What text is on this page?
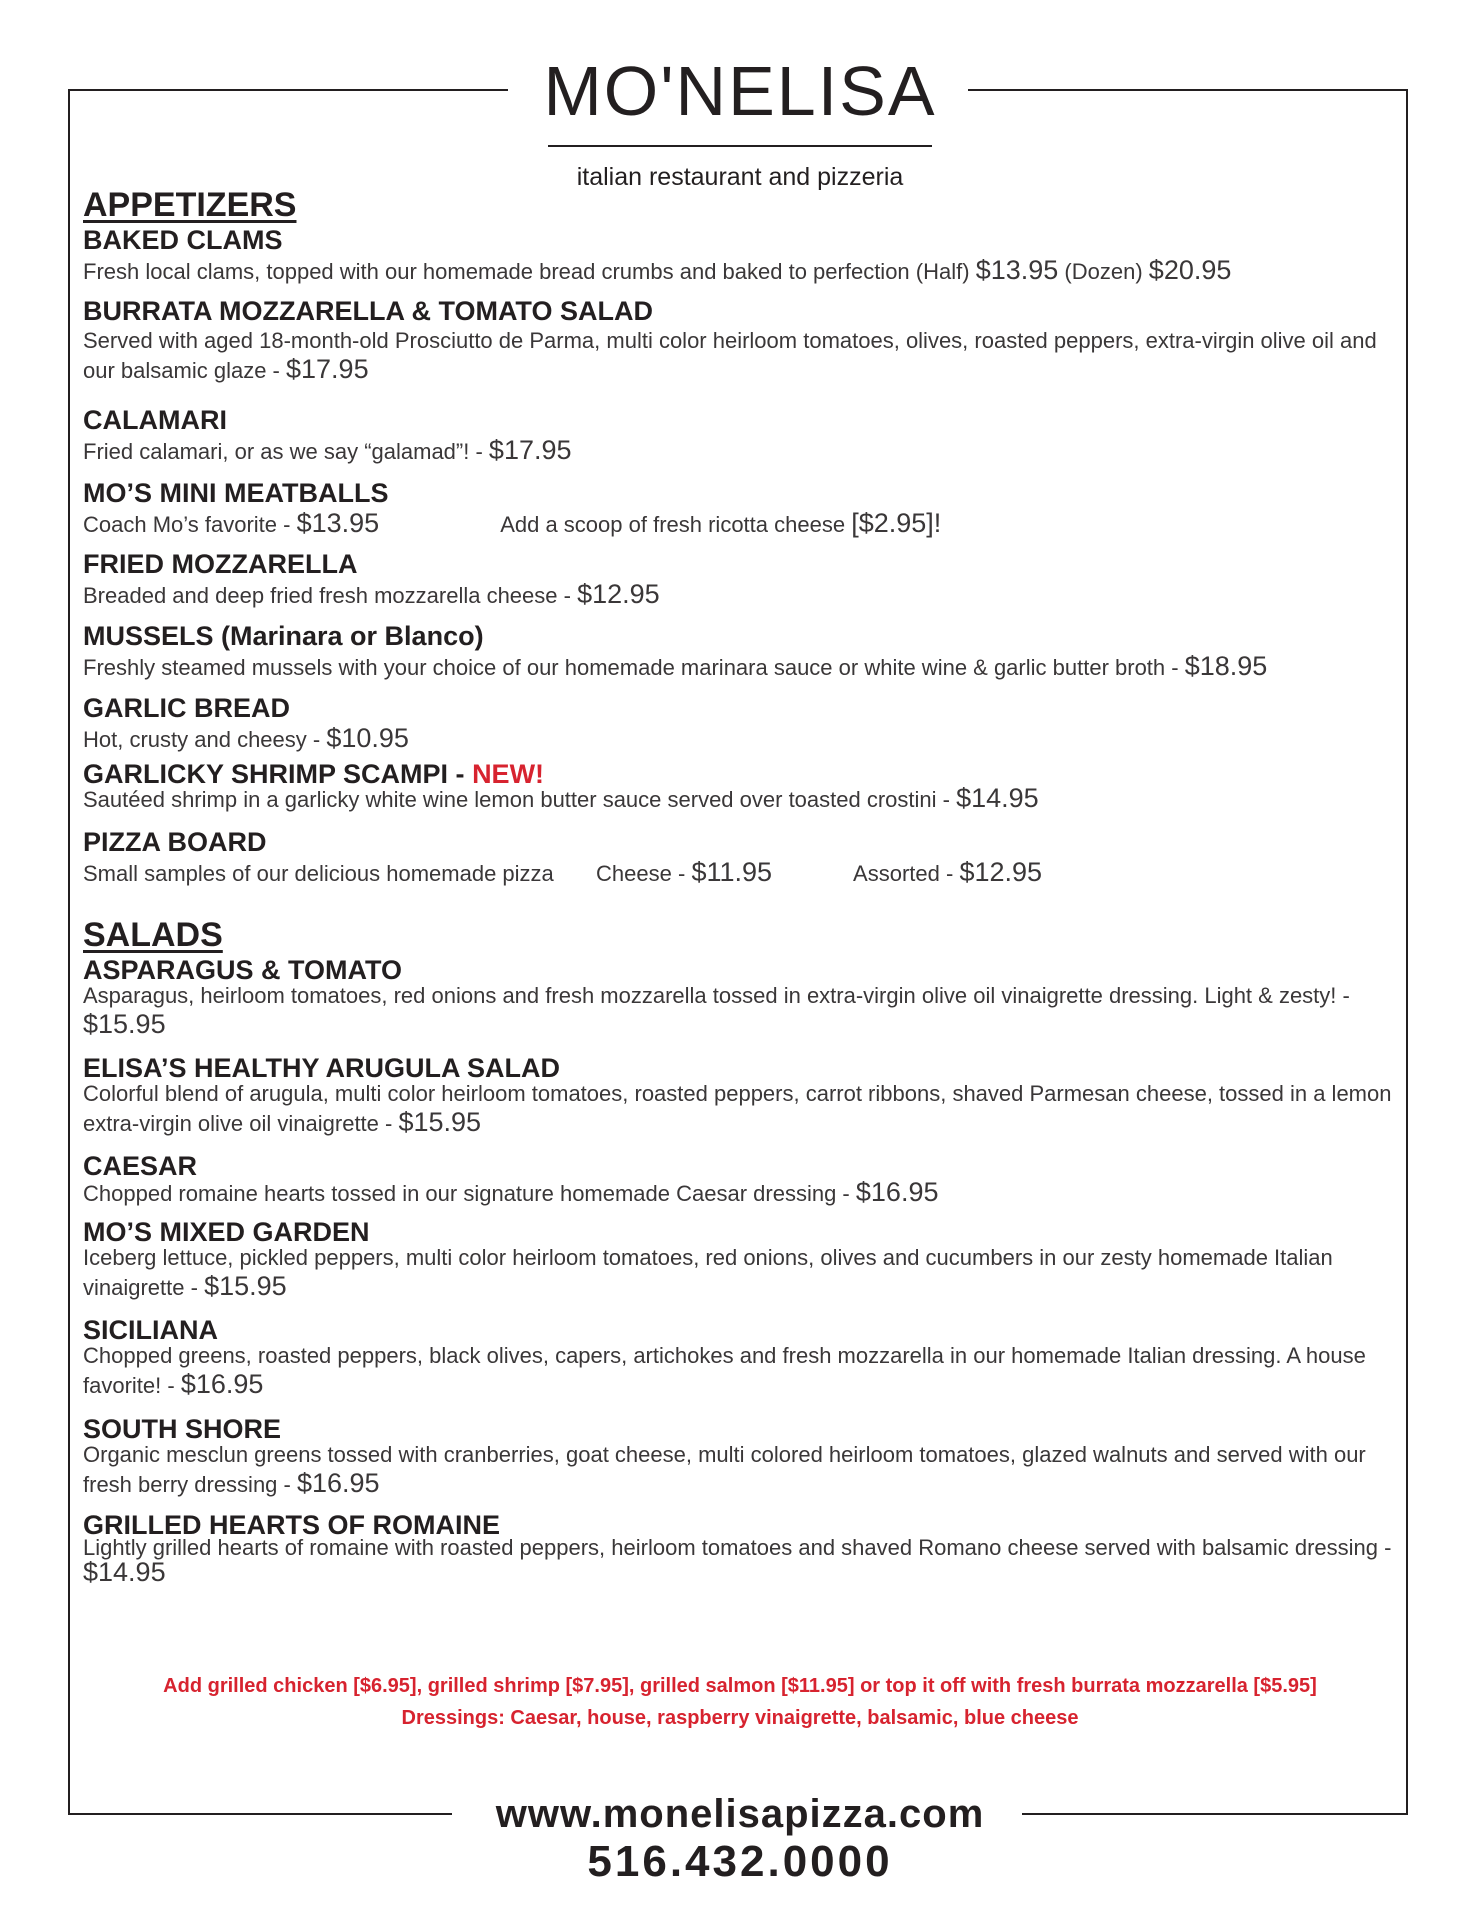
MO'NELISA
italian restaurant and pizzeria
APPETIZERS
BAKED CLAMS
Fresh local clams, topped with our homemade bread crumbs and baked to perfection (Half) $13.95 (Dozen) $20.95
BURRATA MOZZARELLA & TOMATO SALAD
Served with aged 18-month-old Prosciutto de Parma, multi color heirloom tomatoes, olives, roasted peppers, extra-virgin olive oil and our balsamic glaze - $17.95
CALAMARI
Fried calamari, or as we say “galamad”! - $17.95
MO’S MINI MEATBALLS
Coach Mo’s favorite - $13.95	Add a scoop of fresh ricotta cheese [$2.95]!
FRIED MOZZARELLA
Breaded and deep fried fresh mozzarella cheese - $12.95
MUSSELS (Marinara or Blanco)
Freshly steamed mussels with your choice of our homemade marinara sauce or white wine & garlic butter broth - $18.95
GARLIC BREAD
Hot, crusty and cheesy - $10.95
GARLICKY SHRIMP SCAMPI - NEW!
Sautéed shrimp in a garlicky white wine lemon butter sauce served over toasted crostini - $14.95
PIZZA BOARD
Small samples of our delicious homemade pizza Cheese - $11.95	Assorted - $12.95
SALADS
ASPARAGUS & TOMATO
Asparagus, heirloom tomatoes, red onions and fresh mozzarella tossed in extra-virgin olive oil vinaigrette dressing. Light & zesty! - $15.95
ELISA’S HEALTHY ARUGULA SALAD
Colorful blend of arugula, multi color heirloom tomatoes, roasted peppers, carrot ribbons, shaved Parmesan cheese, tossed in a lemon extra-virgin olive oil vinaigrette - $15.95
CAESAR
Chopped romaine hearts tossed in our signature homemade Caesar dressing - $16.95
MO’S MIXED GARDEN
Iceberg lettuce, pickled peppers, multi color heirloom tomatoes, red onions, olives and cucumbers in our zesty homemade Italian vinaigrette - $15.95
SICILIANA
Chopped greens, roasted peppers, black olives, capers, artichokes and fresh mozzarella in our homemade Italian dressing. A house favorite! - $16.95
SOUTH SHORE
Organic mesclun greens tossed with cranberries, goat cheese, multi colored heirloom tomatoes, glazed walnuts and served with our fresh berry dressing - $16.95
GRILLED HEARTS OF ROMAINE
Lightly grilled hearts of romaine with roasted peppers, heirloom tomatoes and shaved Romano cheese served with balsamic dressing - $14.95
Add grilled chicken [$6.95], grilled shrimp [$7.95], grilled salmon [$11.95] or top it off with fresh burrata mozzarella [$5.95]
Dressings: Caesar, house, raspberry vinaigrette, balsamic, blue cheese
www.monelisapizza.com
516.432.0000
